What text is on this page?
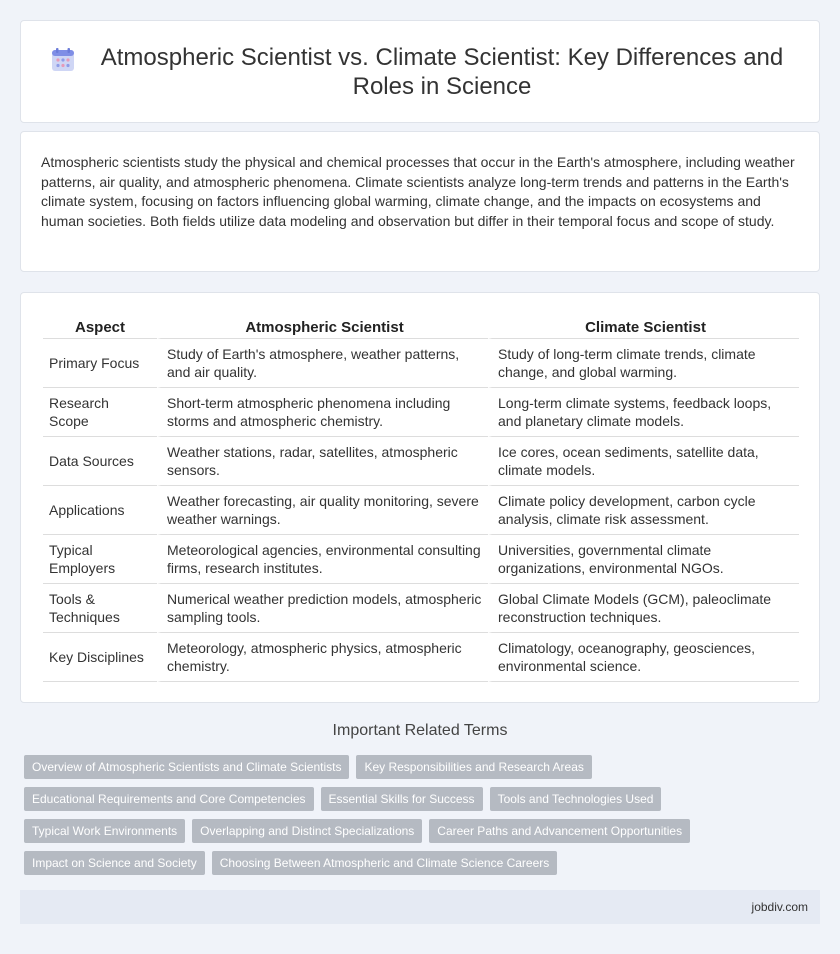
Atmospheric Scientist vs. Climate Scientist: Key Differences and Roles in Science

Atmospheric scientists study the physical and chemical processes that occur in the Earth's atmosphere, including weather patterns, air quality, and atmospheric phenomena. Climate scientists analyze long-term trends and patterns in the Earth's climate system, focusing on factors influencing global warming, climate change, and the impacts on ecosystems and human societies. Both fields utilize data modeling and observation but differ in their temporal focus and scope of study.

Aspect	Atmospheric Scientist	Climate Scientist
Primary Focus	Study of Earth's atmosphere, weather patterns, and air quality.	Study of long-term climate trends, climate change, and global warming.
Research Scope	Short-term atmospheric phenomena including storms and atmospheric chemistry.	Long-term climate systems, feedback loops, and planetary climate models.
Data Sources	Weather stations, radar, satellites, atmospheric sensors.	Ice cores, ocean sediments, satellite data, climate models.
Applications	Weather forecasting, air quality monitoring, severe weather warnings.	Climate policy development, carbon cycle analysis, climate risk assessment.
Typical Employers	Meteorological agencies, environmental consulting firms, research institutes.	Universities, governmental climate organizations, environmental NGOs.
Tools & Techniques	Numerical weather prediction models, atmospheric sampling tools.	Global Climate Models (GCM), paleoclimate reconstruction techniques.
Key Disciplines	Meteorology, atmospheric physics, atmospheric chemistry.	Climatology, oceanography, geosciences, environmental science.
Important Related Terms
Overview of Atmospheric Scientists and Climate Scientists	Key Responsibilities and Research Areas
Educational Requirements and Core Competencies	Essential Skills for Success	Tools and Technologies Used
Typical Work Environments	Overlapping and Distinct Specializations	Career Paths and Advancement Opportunities
Impact on Science and Society	Choosing Between Atmospheric and Climate Science Careers
jobdiv.com
